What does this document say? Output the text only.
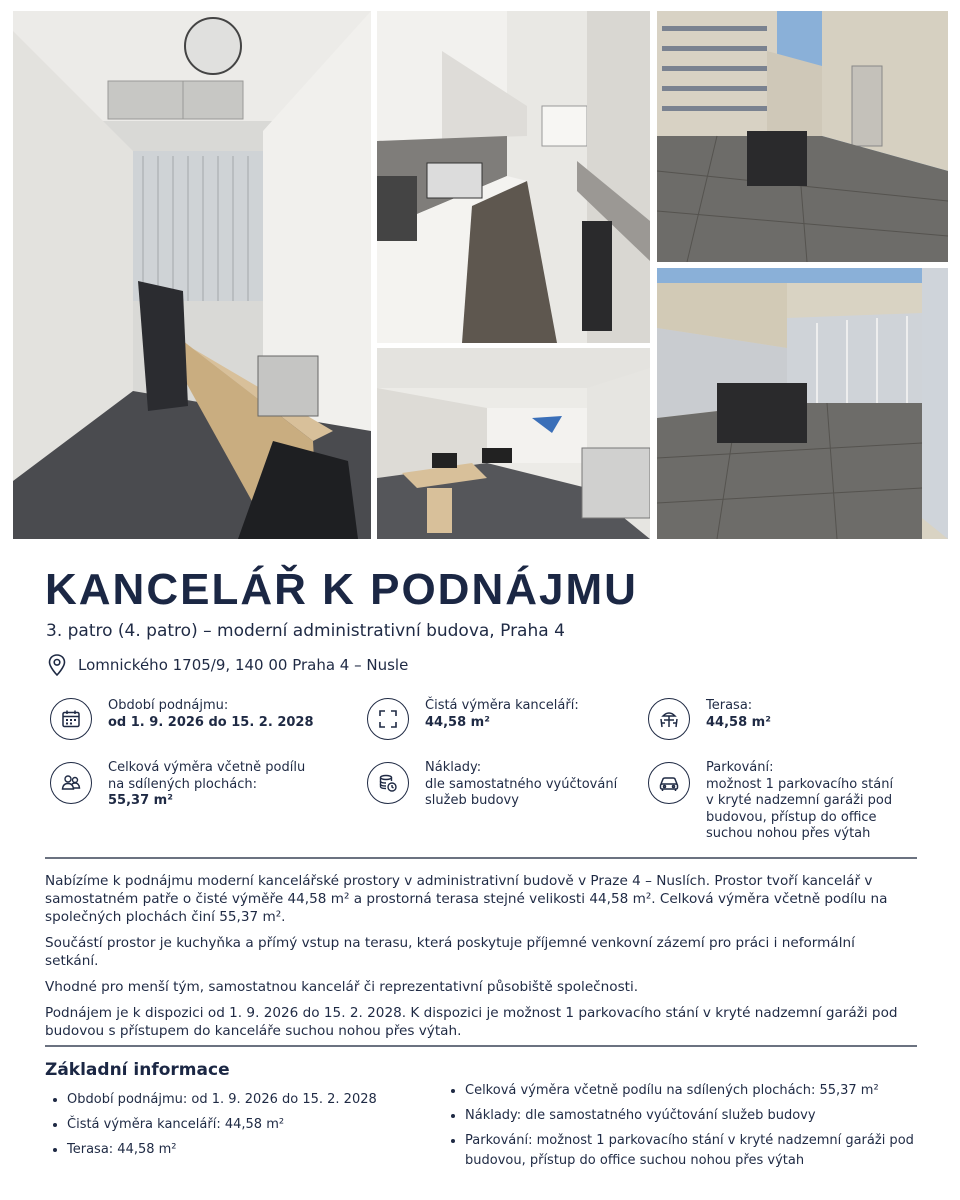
KANCELÁŘ K PODNÁJMU

3. patro (4. patro) – moderní administrativní budova, Praha 4

Lomnického 1705/9, 140 00 Praha 4 – Nusle
Období podnájmu:
od 1. 9. 2026 do 15. 2. 2028
Čistá výměra kanceláří:
44,58 m²
Terasa:
44,58 m²
Celková výměra včetně podílu
na sdílených plochách:
55,37 m²
Náklady:
dle samostatného vyúčtování
služeb budovy
Parkování:
možnost 1 parkovacího stání
v kryté nadzemní garáži pod
budovou, přístup do office
suchou nohou přes výtah

Nabízíme k podnájmu moderní kancelářské prostory v administrativní budově v Praze 4 – Nuslích. Prostor tvoří kancelář v samostatném patře o čisté výměře 44,58 m² a prostorná terasa stejné velikosti 44,58 m². Celková výměra včetně podílu na společných plochách činí 55,37 m².

Součástí prostor je kuchyňka a přímý vstup na terasu, která poskytuje příjemné venkovní zázemí pro práci i neformální setkání.

Vhodné pro menší tým, samostatnou kancelář či reprezentativní působiště společnosti.

Podnájem je k dispozici od 1. 9. 2026 do 15. 2. 2028. K dispozici je možnost 1 parkovacího stání v kryté nadzemní garáži pod budovou s přístupem do kanceláře suchou nohou přes výtah.

Základní informace
• Období podnájmu: od 1. 9. 2026 do 15. 2. 2028
• Čistá výměra kanceláří: 44,58 m²
• Terasa: 44,58 m²
• Celková výměra včetně podílu na sdílených plochách: 55,37 m²
• Náklady: dle samostatného vyúčtování služeb budovy
• Parkování: možnost 1 parkovacího stání v kryté nadzemní garáži pod budovou, přístup do office suchou nohou přes výtah
